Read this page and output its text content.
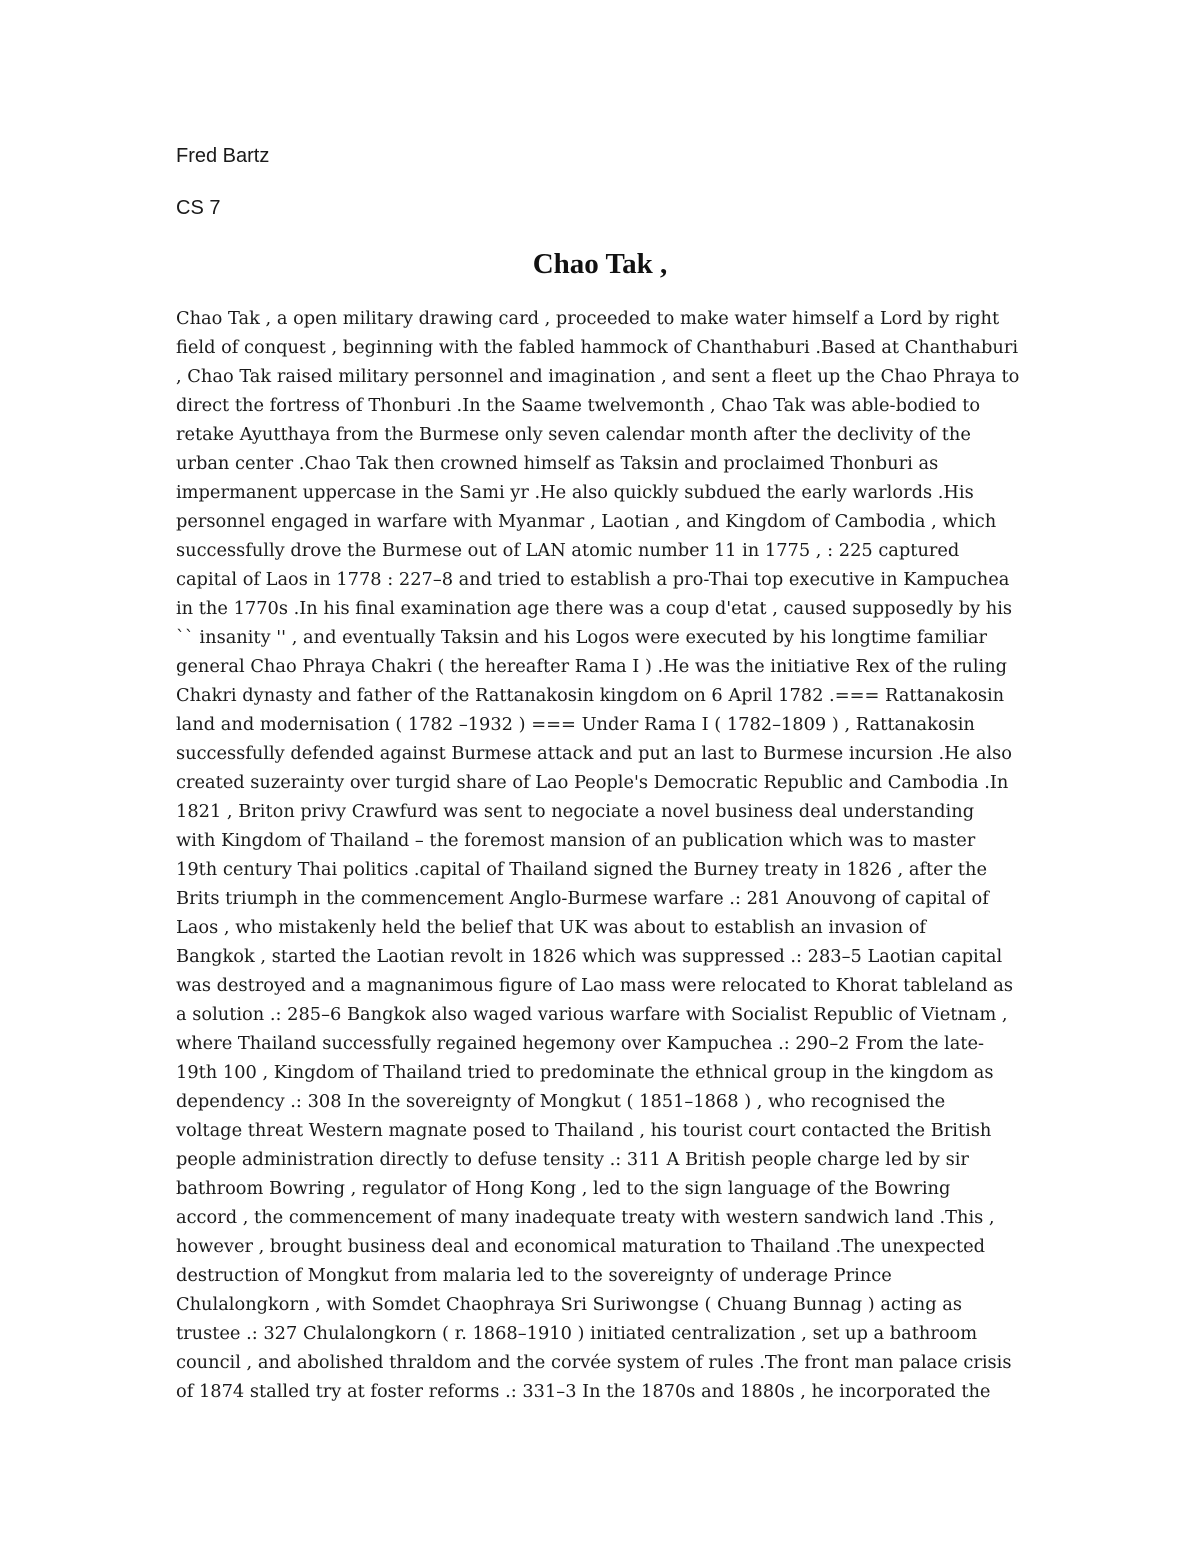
Fred Bartz
CS 7
Chao Tak ,
Chao Tak , a open military drawing card , proceeded to make water himself a Lord by right
field of conquest , beginning with the fabled hammock of Chanthaburi .Based at Chanthaburi
, Chao Tak raised military personnel and imagination , and sent a fleet up the Chao Phraya to
direct the fortress of Thonburi .In the Saame twelvemonth , Chao Tak was able-bodied to
retake Ayutthaya from the Burmese only seven calendar month after the declivity of the
urban center .Chao Tak then crowned himself as Taksin and proclaimed Thonburi as
impermanent uppercase in the Sami yr .He also quickly subdued the early warlords .His
personnel engaged in warfare with Myanmar , Laotian , and Kingdom of Cambodia , which
successfully drove the Burmese out of LAN atomic number 11 in 1775 , : 225 captured
capital of Laos in 1778 : 227–8 and tried to establish a pro-Thai top executive in Kampuchea
in the 1770s .In his final examination age there was a coup d'etat , caused supposedly by his
`` insanity '' , and eventually Taksin and his Logos were executed by his longtime familiar
general Chao Phraya Chakri ( the hereafter Rama I ) .He was the initiative Rex of the ruling
Chakri dynasty and father of the Rattanakosin kingdom on 6 April 1782 .=== Rattanakosin
land and modernisation ( 1782 –1932 ) === Under Rama I ( 1782–1809 ) , Rattanakosin
successfully defended against Burmese attack and put an last to Burmese incursion .He also
created suzerainty over turgid share of Lao People's Democratic Republic and Cambodia .In
1821 , Briton privy Crawfurd was sent to negociate a novel business deal understanding
with Kingdom of Thailand – the foremost mansion of an publication which was to master
19th century Thai politics .capital of Thailand signed the Burney treaty in 1826 , after the
Brits triumph in the commencement Anglo-Burmese warfare .: 281 Anouvong of capital of
Laos , who mistakenly held the belief that UK was about to establish an invasion of
Bangkok , started the Laotian revolt in 1826 which was suppressed .: 283–5 Laotian capital
was destroyed and a magnanimous figure of Lao mass were relocated to Khorat tableland as
a solution .: 285–6 Bangkok also waged various warfare with Socialist Republic of Vietnam ,
where Thailand successfully regained hegemony over Kampuchea .: 290–2 From the late-
19th 100 , Kingdom of Thailand tried to predominate the ethnical group in the kingdom as
dependency .: 308 In the sovereignty of Mongkut ( 1851–1868 ) , who recognised the
voltage threat Western magnate posed to Thailand , his tourist court contacted the British
people administration directly to defuse tensity .: 311 A British people charge led by sir
bathroom Bowring , regulator of Hong Kong , led to the sign language of the Bowring
accord , the commencement of many inadequate treaty with western sandwich land .This ,
however , brought business deal and economical maturation to Thailand .The unexpected
destruction of Mongkut from malaria led to the sovereignty of underage Prince
Chulalongkorn , with Somdet Chaophraya Sri Suriwongse ( Chuang Bunnag ) acting as
trustee .: 327 Chulalongkorn ( r. 1868–1910 ) initiated centralization , set up a bathroom
council , and abolished thraldom and the corvée system of rules .The front man palace crisis
of 1874 stalled try at foster reforms .: 331–3 In the 1870s and 1880s , he incorporated the
